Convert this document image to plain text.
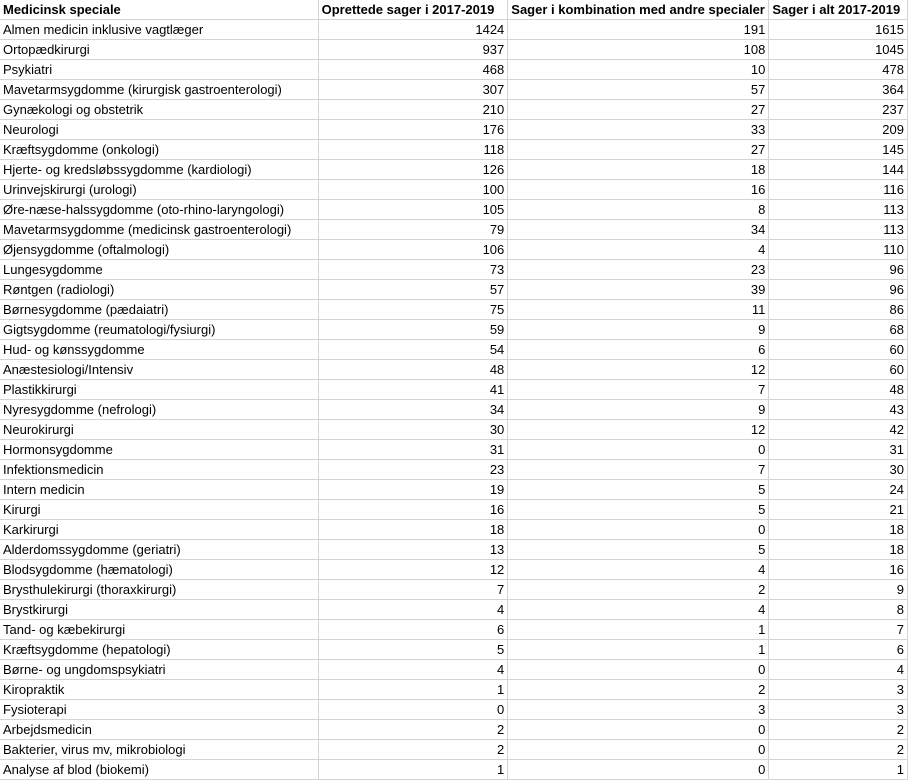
Medicinsk speciale	Oprettede sager i 2017-2019	Sager i kombination med andre specialer	Sager i alt 2017-2019
Almen medicin inklusive vagtlæger	1424	191	1615
Ortopædkirurgi	937	108	1045
Psykiatri	468	10	478
Mavetarmsygdomme (kirurgisk gastroenterologi)	307	57	364
Gynækologi og obstetrik	210	27	237
Neurologi	176	33	209
Kræftsygdomme (onkologi)	118	27	145
Hjerte- og kredsløbssygdomme (kardiologi)	126	18	144
Urinvejskirurgi (urologi)	100	16	116
Øre-næse-halssygdomme (oto-rhino-laryngologi)	105	8	113
Mavetarmsygdomme (medicinsk gastroenterologi)	79	34	113
Øjensygdomme (oftalmologi)	106	4	110
Lungesygdomme	73	23	96
Røntgen (radiologi)	57	39	96
Børnesygdomme (pædaiatri)	75	11	86
Gigtsygdomme (reumatologi/fysiurgi)	59	9	68
Hud- og kønssygdomme	54	6	60
Anæstesiologi/Intensiv	48	12	60
Plastikkirurgi	41	7	48
Nyresygdomme (nefrologi)	34	9	43
Neurokirurgi	30	12	42
Hormonsygdomme	31	0	31
Infektionsmedicin	23	7	30
Intern medicin	19	5	24
Kirurgi	16	5	21
Karkirurgi	18	0	18
Alderdomssygdomme (geriatri)	13	5	18
Blodsygdomme (hæmatologi)	12	4	16
Brysthulekirurgi (thoraxkirurgi)	7	2	9
Brystkirurgi	4	4	8
Tand- og kæbekirurgi	6	1	7
Kræftsygdomme (hepatologi)	5	1	6
Børne- og ungdomspsykiatri	4	0	4
Kiropraktik	1	2	3
Fysioterapi	0	3	3
Arbejdsmedicin	2	0	2
Bakterier, virus mv, mikrobiologi	2	0	2
Analyse af blod (biokemi)	1	0	1
